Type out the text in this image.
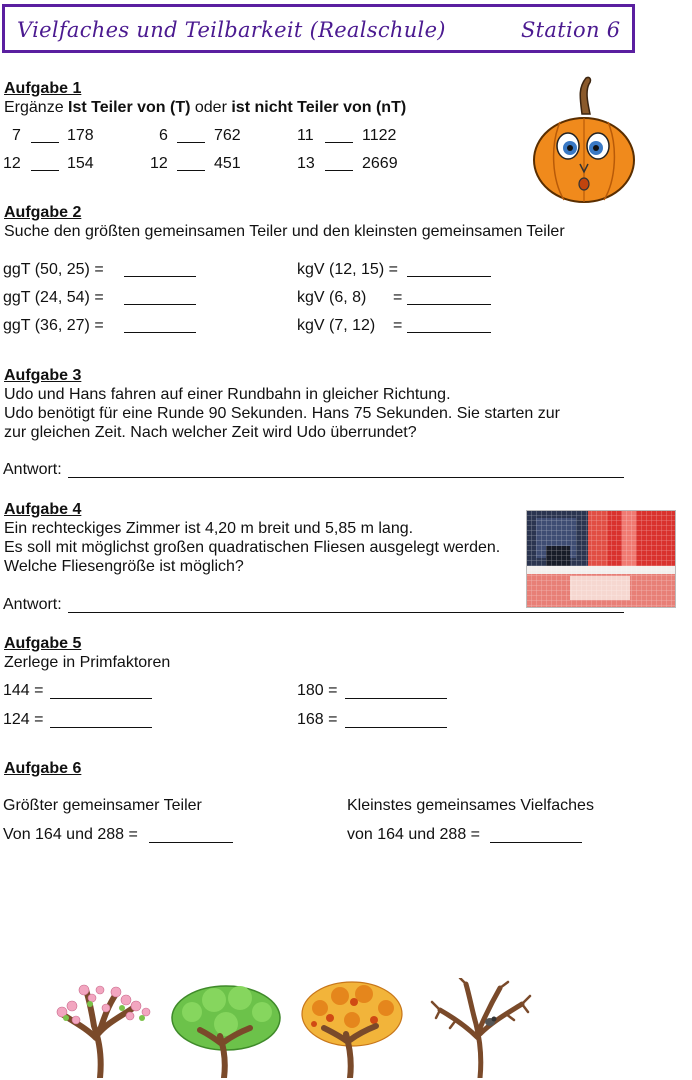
Vielfaches und Teilbarkeit (Realschule)	Station 6
Aufgabe 1
Ergänze Ist Teiler von (T) oder ist nicht Teiler von (nT)
7	178	6	762	11	1122
12	154	12	451	13	2669
Aufgabe 2
Suche den größten gemeinsamen Teiler und den kleinsten gemeinsamen Teiler
ggT (50, 25) =	kgV (12, 15) =
ggT (24, 54) =	kgV (6, 8) =
ggT (36, 27) =	kgV (7, 12) =
Aufgabe 3
Udo und Hans fahren auf einer Rundbahn in gleicher Richtung.
Udo benötigt für eine Runde 90 Sekunden. Hans 75 Sekunden. Sie starten zur
zur gleichen Zeit. Nach welcher Zeit wird Udo überrundet?
Antwort:
Aufgabe 4
Ein rechteckiges Zimmer ist 4,20 m breit und 5,85 m lang.
Es soll mit möglichst großen quadratischen Fliesen ausgelegt werden.
Welche Fliesengröße ist möglich?
Antwort:
Aufgabe 5
Zerlege in Primfaktoren
144 =	180 =
124 =	168 =
Aufgabe 6
Größter gemeinsamer Teiler	Kleinstes gemeinsames Vielfaches
Von 164 und 288 =	von 164 und 288 =
